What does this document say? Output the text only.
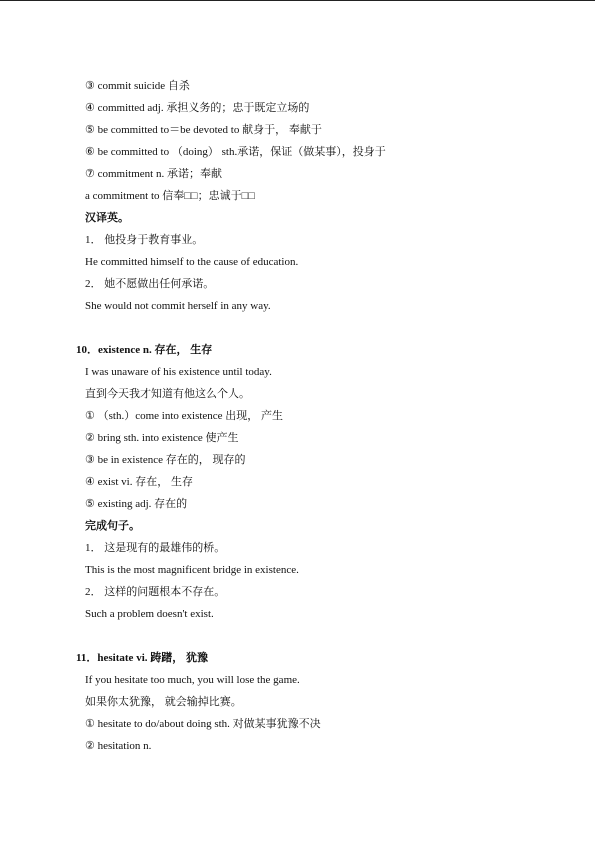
③ commit suicide 自杀
④ committed adj. 承担义务的；忠于既定立场的
⑤ be committed to＝be devoted to 献身于， 奉献于
⑥ be committed to （doing） sth.承诺，保证（做某事），投身于
⑦ commitment n. 承诺；奉献
a commitment to 信奉□□；忠诚于□□
汉译英。
1． 他投身于教育事业。
He committed himself to the cause of education.
2． 她不愿做出任何承诺。
She would not commit herself in any way.
10．existence n. 存在， 生存
I was unaware of his existence until today.
直到今天我才知道有他这么个人。
① （sth.）come into existence 出现， 产生
② bring sth. into existence 使产生
③ be in existence 存在的， 现存的
④ exist vi. 存在， 生存
⑤ existing adj. 存在的
完成句子。
1． 这是现有的最雄伟的桥。
This is the most magnificent bridge in existence.
2． 这样的问题根本不存在。
Such a problem doesn't exist.
11．hesitate vi. 踌躇， 犹豫
If you hesitate too much, you will lose the game.
如果你太犹豫， 就会输掉比赛。
① hesitate to do/about doing sth. 对做某事犹豫不决
② hesitation n.
